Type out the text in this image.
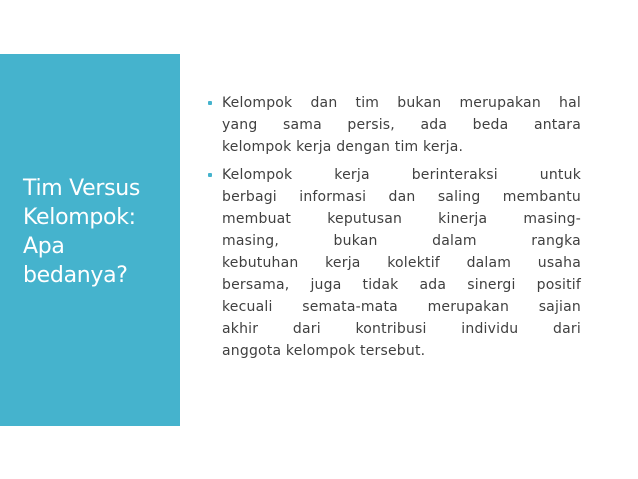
Tim Versus
Kelompok:
Apa
bedanya?
Kelompok dan tim bukan merupakan hal
yang sama persis, ada beda antara
kelompok kerja dengan tim kerja.
Kelompok	kerja	berinteraksi	untuk
berbagi informasi dan saling membantu
membuat	keputusan	kinerja	masing-
masing,	bukan	dalam	rangka
kebutuhan kerja kolektif dalam usaha
bersama, juga tidak ada sinergi positif
kecuali semata-mata merupakan sajian
akhir dari kontribusi individu dari
anggota kelompok tersebut.
